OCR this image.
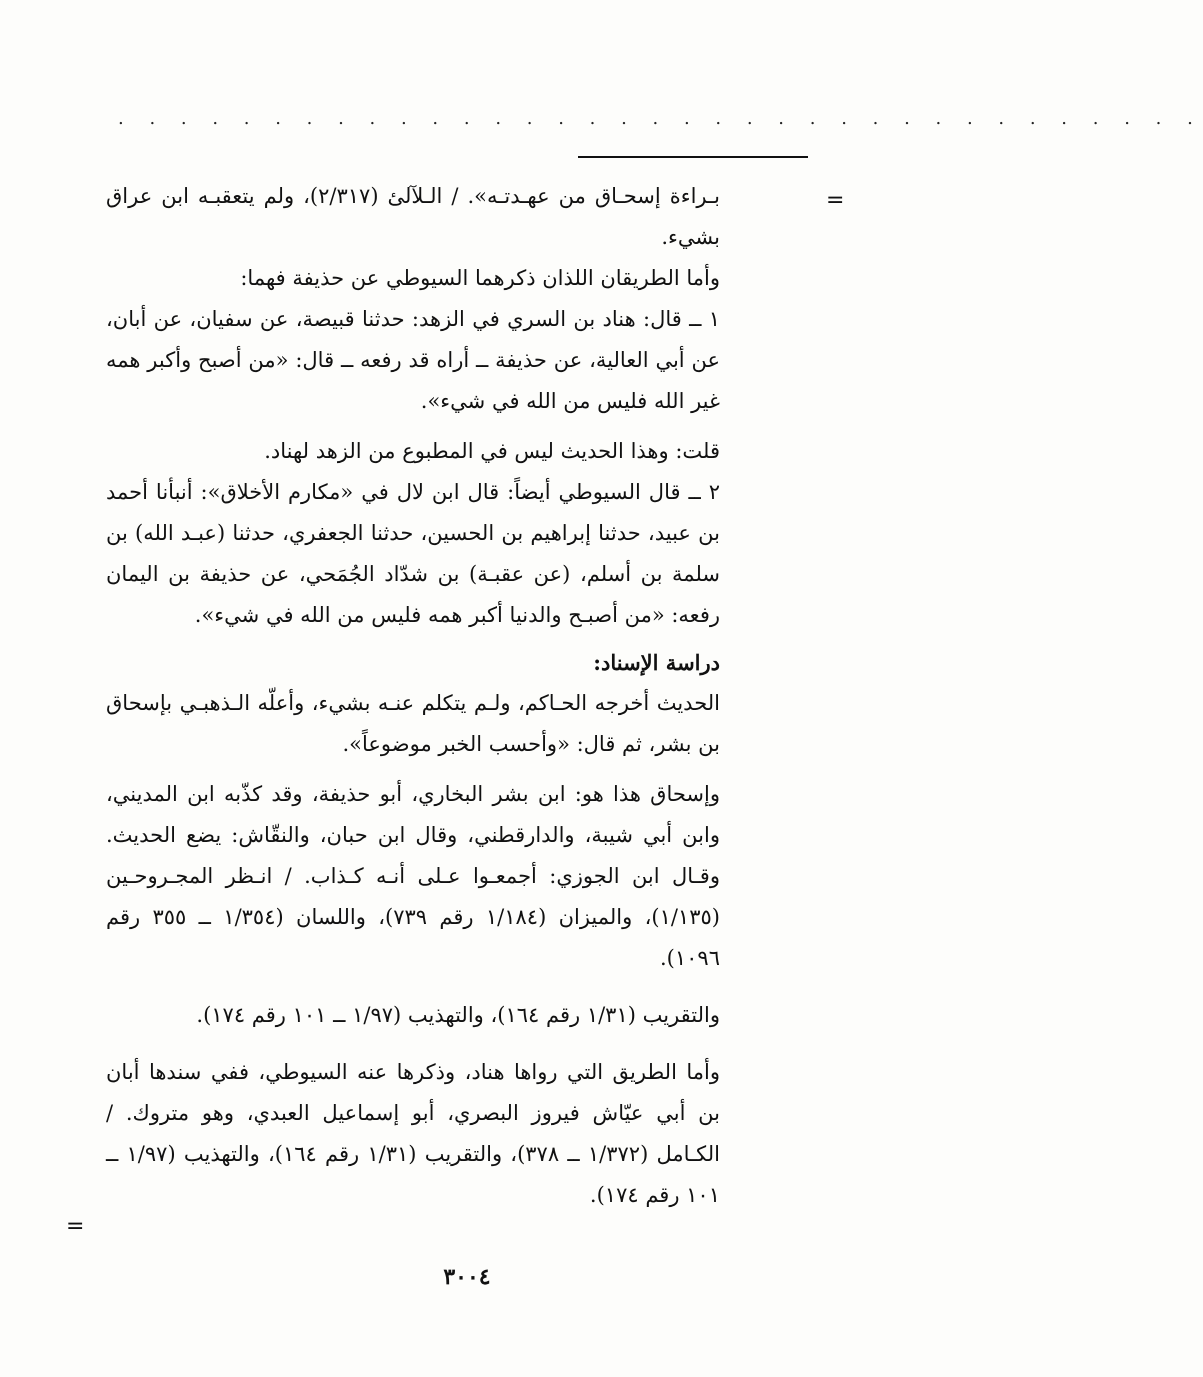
. . . . . . . . . . . . . . . . . . . . . . . . . . . . . . . . . . .
=
=

بـراءة إسحـاق من عهـدتـه». / الـلآلئ (٢/٣١٧)، ولم يتعقبـه ابن عراق بشيء.

وأما الطريقان اللذان ذكرهما السيوطي عن حذيفة فهما:

١ ــ قال: هناد بن السري في الزهد: حدثنا قبيصة، عن سفيان، عن أبان، عن أبي العالية، عن حذيفة ــ أراه قد رفعه ــ قال: «من أصبح وأكبر همه غير الله فليس من الله في شيء».

قلت: وهذا الحديث ليس في المطبوع من الزهد لهناد.

٢ ــ قال السيوطي أيضاً: قال ابن لال في «مكارم الأخلاق»: أنبأنا أحمد بن عبيد، حدثنا إبراهيم بن الحسين، حدثنا الجعفري، حدثنا (عبـد الله) بن سلمة بن أسلم، (عن عقبـة) بن شدّاد الجُمَحي، عن حذيفة بن اليمان رفعه: «من أصبـح والدنيا أكبر همه فليس من الله في شيء».

دراسة الإسناد:

الحديث أخرجه الحـاكم، ولـم يتكلم عنـه بشيء، وأعلّه الـذهبـي بإسحاق بن بشر، ثم قال: «وأحسب الخبر موضوعاً».

وإسحاق هذا هو: ابن بشر البخاري، أبو حذيفة، وقد كذّبه ابن المديني، وابن أبي شيبة، والدارقطني، وقال ابن حبان، والنقّاش: يضع الحديث. وقـال ابن الجوزي: أجمعـوا عـلى أنـه كـذاب. / انـظر المجـروحـين (١/١٣٥)، والميزان (١/١٨٤ رقم ٧٣٩)، واللسان (١/٣٥٤ ــ ٣٥٥ رقم ١٠٩٦).

والتقريب (١/٣١ رقم ١٦٤)، والتهذيب (١/٩٧ ــ ١٠١ رقم ١٧٤).

وأما الطريق التي رواها هناد، وذكرها عنه السيوطي، ففي سندها أبان بن أبي عيّاش فيروز البصري، أبو إسماعيل العبدي، وهو متروك. / الكـامل (١/٣٧٢ ــ ٣٧٨)، والتقريب (١/٣١ رقم ١٦٤)، والتهذيب (١/٩٧ ــ ١٠١ رقم ١٧٤).

٣٠٠٤
